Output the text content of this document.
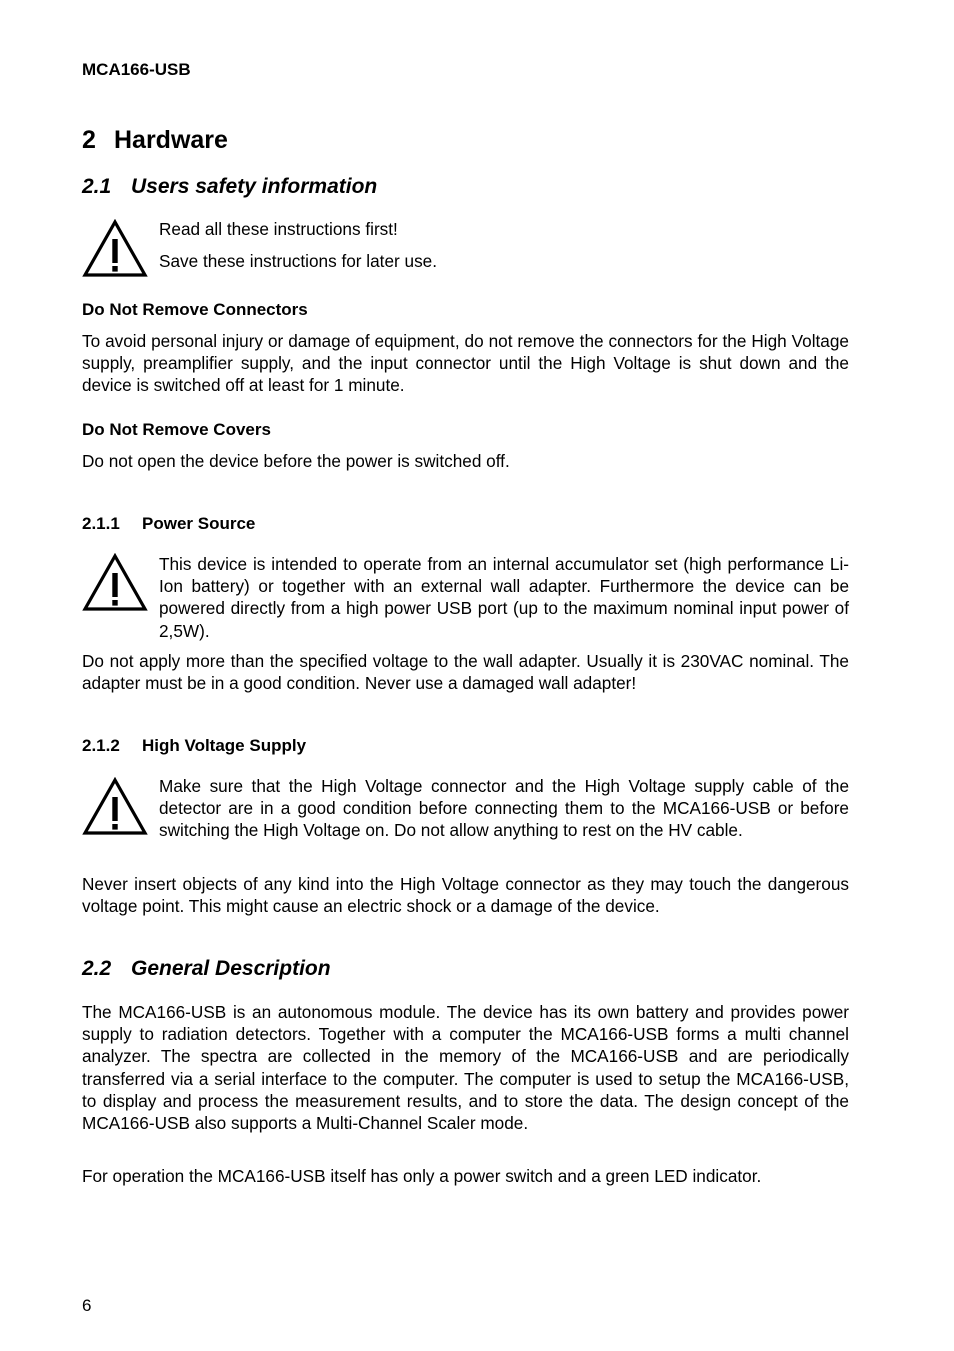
MCA166-USB
2 Hardware
2.1 Users safety information

Read all these instructions first!

Save these instructions for later use.

Do Not Remove Connectors

To avoid personal injury or damage of equipment, do not remove the connectors for the High Voltage supply, preamplifier supply, and the input connector until the High Voltage is shut down and the device is switched off at least for 1 minute.

Do Not Remove Covers

Do not open the device before the power is switched off.

2.1.1 Power Source

This device is intended to operate from an internal accumulator set (high performance Li-Ion battery) or together with an external wall adapter. Furthermore the device can be powered directly from a high power USB port (up to the maximum nominal input power of 2,5W).

Do not apply more than the specified voltage to the wall adapter. Usually it is 230VAC nominal. The adapter must be in a good condition. Never use a damaged wall adapter!

2.1.2 High Voltage Supply

Make sure that the High Voltage connector and the High Voltage supply cable of the detector are in a good condition before connecting them to the MCA166-USB or before switching the High Voltage on. Do not allow anything to rest on the HV cable.

Never insert objects of any kind into the High Voltage connector as they may touch the dangerous voltage point. This might cause an electric shock or a damage of the device.

2.2 General Description

The MCA166-USB is an autonomous module. The device has its own battery and provides power supply to radiation detectors. Together with a computer the MCA166-USB forms a multi channel analyzer. The spectra are collected in the memory of the MCA166-USB and are periodically transferred via a serial interface to the computer. The computer is used to setup the MCA166-USB, to display and process the measurement results, and to store the data. The design concept of the MCA166-USB also supports a Multi-Channel Scaler mode.

For operation the MCA166-USB itself has only a power switch and a green LED indicator.

6
